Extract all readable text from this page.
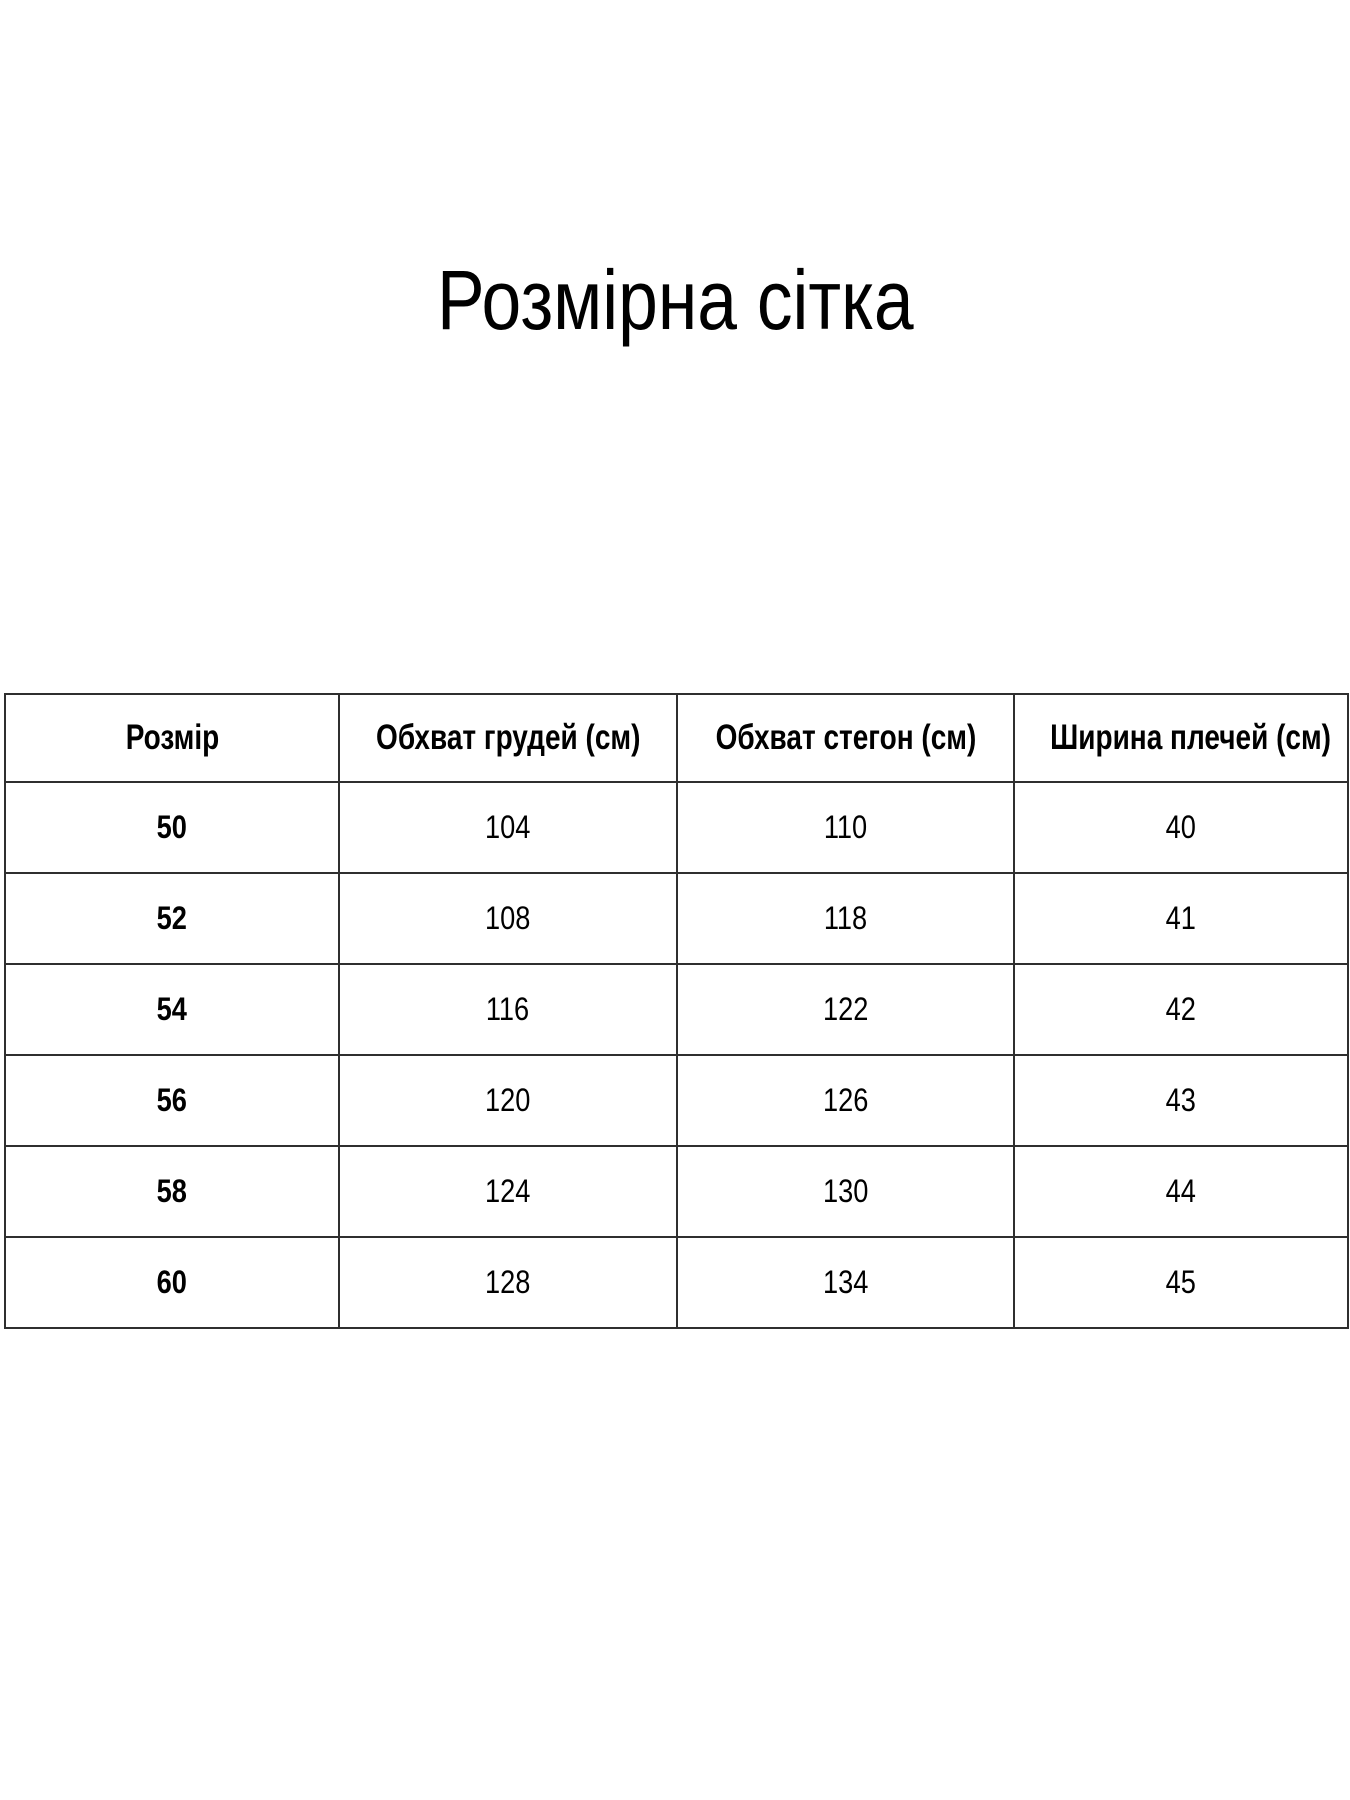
Розмірна сітка
Розмір	Обхват грудей (см)	Обхват стегон (см)	Ширина плечей (см)
50	104	110	40
52	108	118	41
54	116	122	42
56	120	126	43
58	124	130	44
60	128	134	45
